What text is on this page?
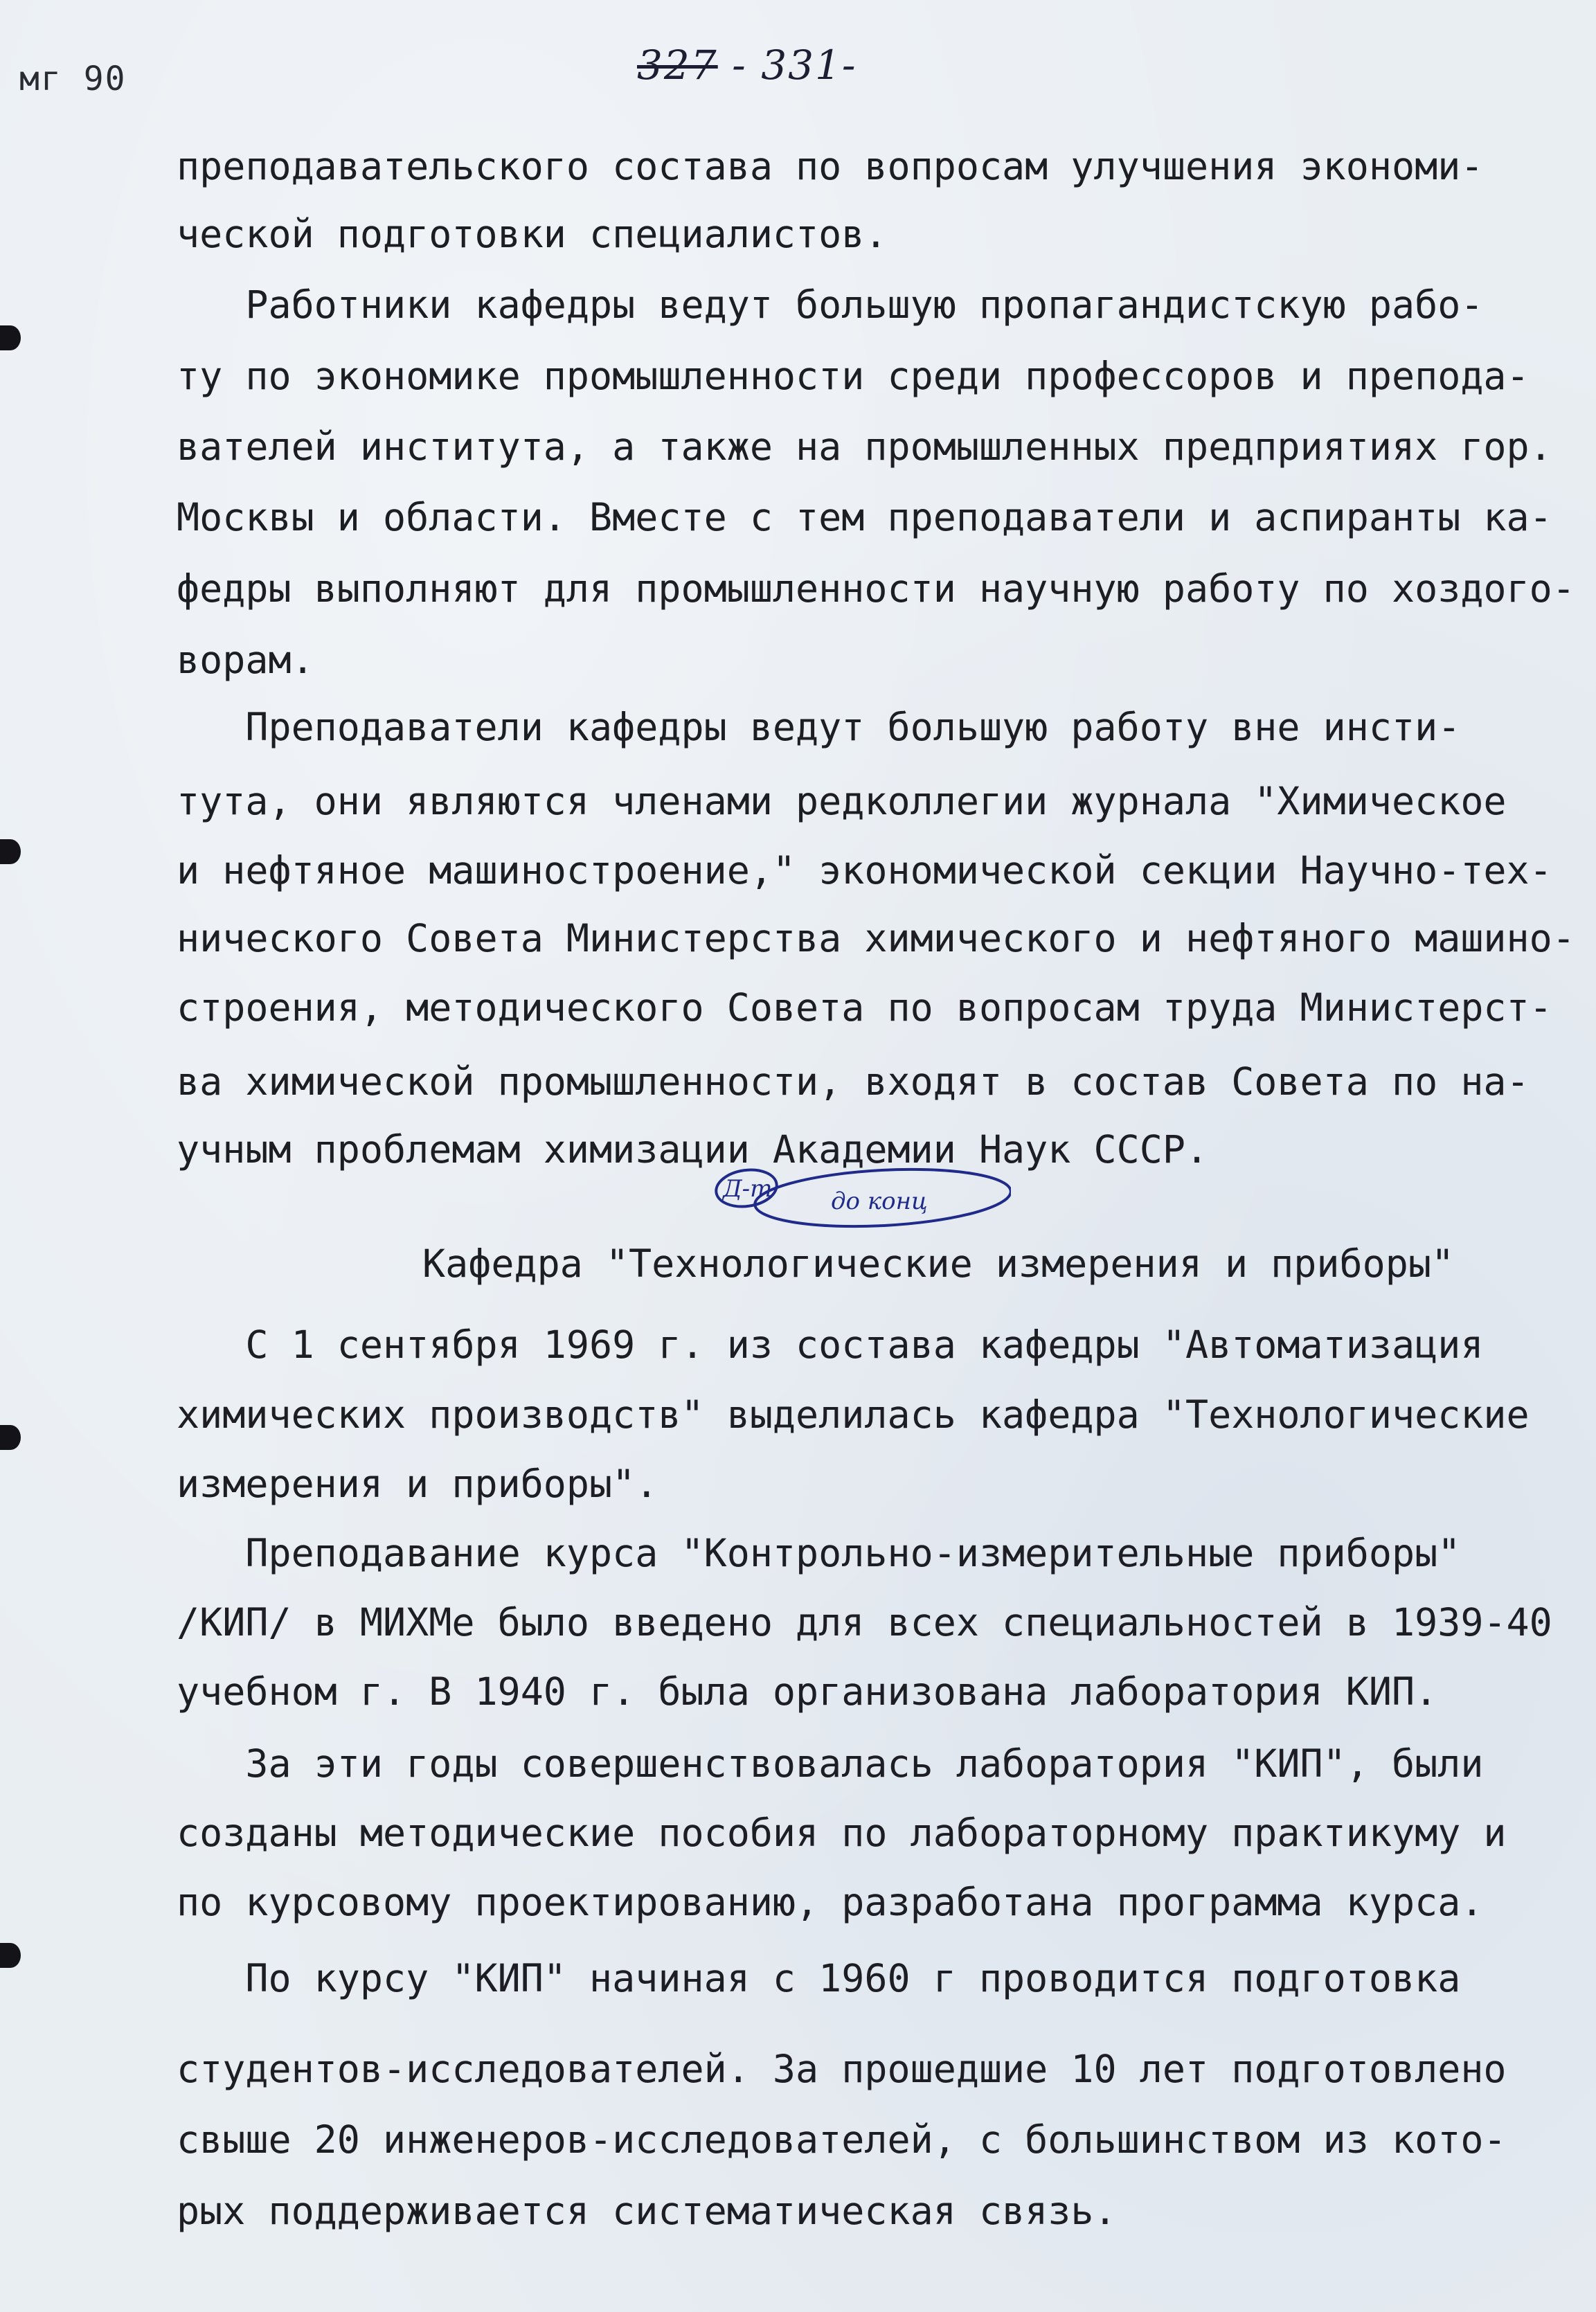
мг 90	327 - 331-
преподавательского состава по вопросам улучшения экономи-
ческой подготовки специалистов.
Работники кафедры ведут большую пропагандистскую рабо-
ту по экономике промышленности среди профессоров и препода-
вателей института, а также на промышленных предприятиях гор.
Москвы и области. Вместе с тем преподаватели и аспиранты ка-
федры выполняют для промышленности научную работу по хоздого-
ворам.
Преподаватели кафедры ведут большую работу вне инсти-
тута, они являются членами редколлегии журнала "Химическое
и нефтяное машиностроение," экономической секции Научно-тех-
нического Совета Министерства химического и нефтяного машино-
строения, методического Совета по вопросам труда Министерст-
ва химической промышленности, входят в состав Совета по на-
учным проблемам химизации Академии Наук СССР.
Д-т до конц
Кафедра "Технологические измерения и приборы"
С 1 сентября 1969 г. из состава кафедры "Автоматизация
химических производств" выделилась кафедра "Технологические
измерения и приборы".
Преподавание курса "Контрольно-измерительные приборы"
/КИП/ в МИХМе было введено для всех специальностей в 1939-40
учебном г. В 1940 г. была организована лаборатория КИП.
За эти годы совершенствовалась лаборатория "КИП", были
созданы методические пособия по лабораторному практикуму и
по курсовому проектированию, разработана программа курса.
По курсу "КИП" начиная с 1960 г проводится подготовка
студентов-исследователей. За прошедшие 10 лет подготовлено
свыше 20 инженеров-исследователей, с большинством из кото-
рых поддерживается систематическая связь.
